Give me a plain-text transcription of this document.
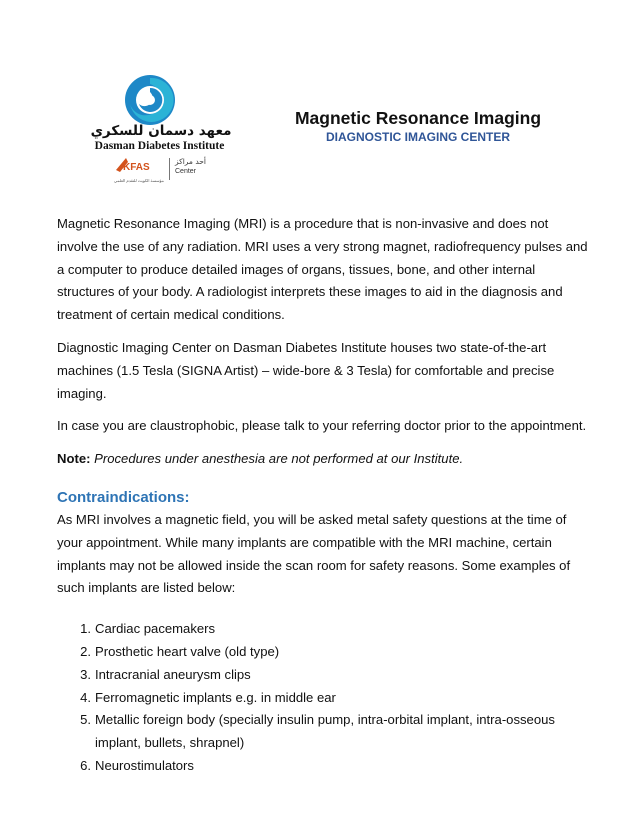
معهد دسمان للسكري
Dasman Diabetes Institute
KFAS
مؤسسة الكويت للتقدم العلمي
أحد مراكز
Center
Magnetic Resonance Imaging
DIAGNOSTIC IMAGING CENTER

Magnetic Resonance Imaging (MRI) is a procedure that is non-invasive and does not involve the use of any radiation. MRI uses a very strong magnet, radiofrequency pulses and a computer to produce detailed images of organs, tissues, bone, and other internal structures of your body. A radiologist interprets these images to aid in the diagnosis and treatment of certain medical conditions.

Diagnostic Imaging Center on Dasman Diabetes Institute houses two state-of-the-art machines (1.5 Tesla (SIGNA Artist) – wide-bore & 3 Tesla) for comfortable and precise imaging.

In case you are claustrophobic, please talk to your referring doctor prior to the appointment.

Note: Procedures under anesthesia are not performed at our Institute.

Contraindications:

As MRI involves a magnetic field, you will be asked metal safety questions at the time of your appointment. While many implants are compatible with the MRI machine, certain implants may not be allowed inside the scan room for safety reasons. Some examples of such implants are listed below:

1. Cardiac pacemakers
2. Prosthetic heart valve (old type)
3. Intracranial aneurysm clips
4. Ferromagnetic implants e.g. in middle ear
5. Metallic foreign body (specially insulin pump, intra-orbital implant, intra-osseous implant, bullets, shrapnel)
6. Neurostimulators
